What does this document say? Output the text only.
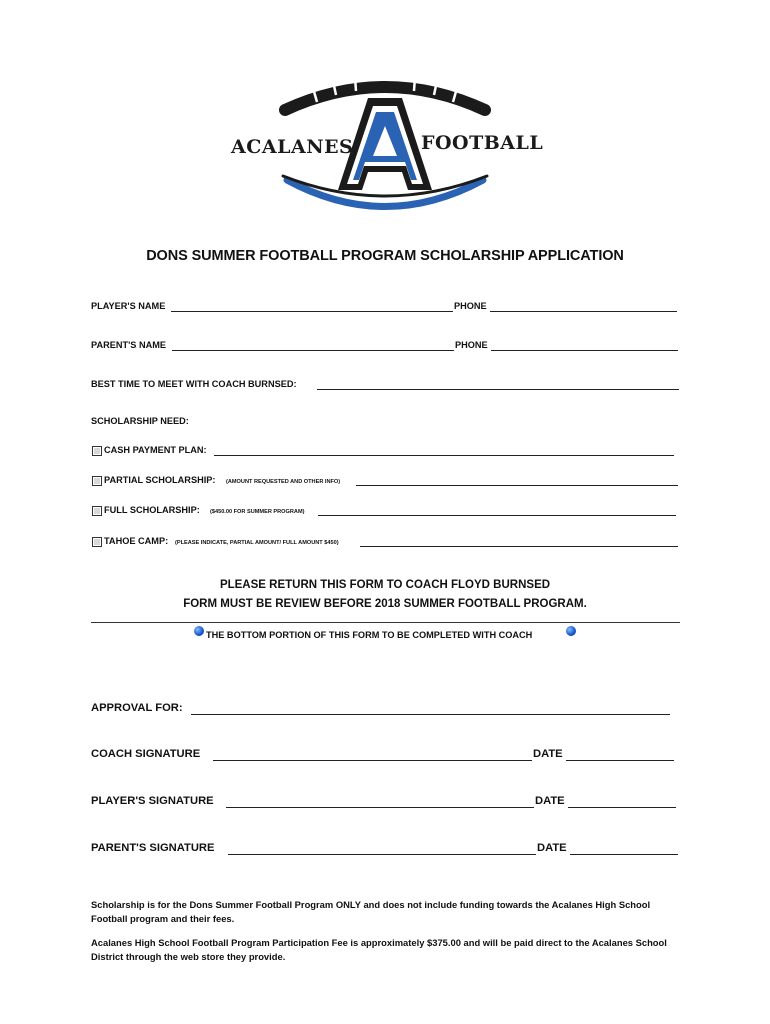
ACALANES	FOOTBALL
DONS SUMMER FOOTBALL PROGRAM SCHOLARSHIP APPLICATION
PLAYER'S NAME	PHONE
PARENT'S NAME	PHONE
BEST TIME TO MEET WITH COACH BURNSED:
SCHOLARSHIP NEED:
CASH PAYMENT PLAN:
PARTIAL SCHOLARSHIP: (AMOUNT REQUESTED AND OTHER INFO)
FULL SCHOLARSHIP: ($450.00 FOR SUMMER PROGRAM)
TAHOE CAMP: (PLEASE INDICATE, PARTIAL AMOUNT/ FULL AMOUNT $450)
PLEASE RETURN THIS FORM TO COACH FLOYD BURNSED
FORM MUST BE REVIEW BEFORE 2018 SUMMER FOOTBALL PROGRAM.
THE BOTTOM PORTION OF THIS FORM TO BE COMPLETED WITH COACH
APPROVAL FOR:
COACH SIGNATURE	DATE
PLAYER'S SIGNATURE	DATE
PARENT'S SIGNATURE	DATE
Scholarship is for the Dons Summer Football Program ONLY and does not include funding towards the Acalanes High School Football program and their fees.
Acalanes High School Football Program Participation Fee is approximately $375.00 and will be paid direct to the Acalanes School District through the web store they provide.
